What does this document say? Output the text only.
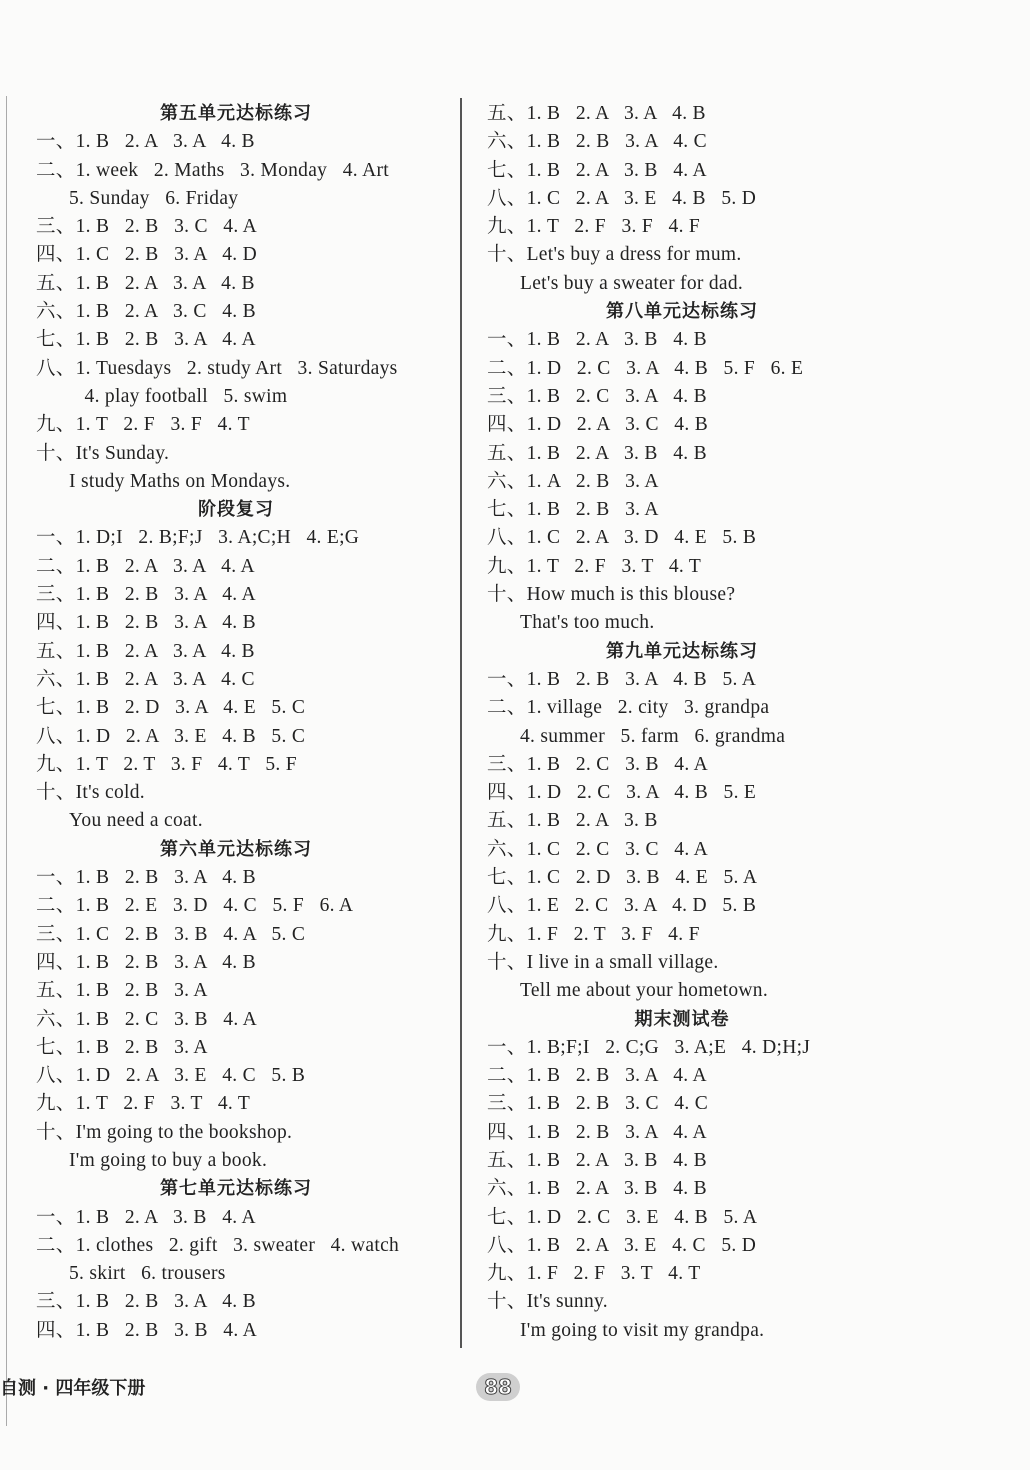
第五单元达标练习
一、1. B   2. A   3. A   4. B
二、1. week   2. Maths   3. Monday   4. Art
5. Sunday   6. Friday
三、1. B   2. B   3. C   4. A
四、1. C   2. B   3. A   4. D
五、1. B   2. A   3. A   4. B
六、1. B   2. A   3. C   4. B
七、1. B   2. B   3. A   4. A
八、1. Tuesdays   2. study Art   3. Saturdays
4. play football   5. swim
九、1. T   2. F   3. F   4. T
十、It's Sunday.
I study Maths on Mondays.
阶段复习
一、1. D;I   2. B;F;J   3. A;C;H   4. E;G
二、1. B   2. A   3. A   4. A
三、1. B   2. B   3. A   4. A
四、1. B   2. B   3. A   4. B
五、1. B   2. A   3. A   4. B
六、1. B   2. A   3. A   4. C
七、1. B   2. D   3. A   4. E   5. C
八、1. D   2. A   3. E   4. B   5. C
九、1. T   2. T   3. F   4. T   5. F
十、It's cold.
You need a coat.
第六单元达标练习
一、1. B   2. B   3. A   4. B
二、1. B   2. E   3. D   4. C   5. F   6. A
三、1. C   2. B   3. B   4. A   5. C
四、1. B   2. B   3. A   4. B
五、1. B   2. B   3. A
六、1. B   2. C   3. B   4. A
七、1. B   2. B   3. A
八、1. D   2. A   3. E   4. C   5. B
九、1. T   2. F   3. T   4. T
十、I'm going to the bookshop.
I'm going to buy a book.
第七单元达标练习
一、1. B   2. A   3. B   4. A
二、1. clothes   2. gift   3. sweater   4. watch
5. skirt   6. trousers
三、1. B   2. B   3. A   4. B
四、1. B   2. B   3. B   4. A
五、1. B   2. A   3. A   4. B
六、1. B   2. B   3. A   4. C
七、1. B   2. A   3. B   4. A
八、1. C   2. A   3. E   4. B   5. D
九、1. T   2. F   3. F   4. F
十、Let's buy a dress for mum.
Let's buy a sweater for dad.
第八单元达标练习
一、1. B   2. A   3. B   4. B
二、1. D   2. C   3. A   4. B   5. F   6. E
三、1. B   2. C   3. A   4. B
四、1. D   2. A   3. C   4. B
五、1. B   2. A   3. B   4. B
六、1. A   2. B   3. A
七、1. B   2. B   3. A
八、1. C   2. A   3. D   4. E   5. B
九、1. T   2. F   3. T   4. T
十、How much is this blouse?
That's too much.
第九单元达标练习
一、1. B   2. B   3. A   4. B   5. A
二、1. village   2. city   3. grandpa
4. summer   5. farm   6. grandma
三、1. B   2. C   3. B   4. A
四、1. D   2. C   3. A   4. B   5. E
五、1. B   2. A   3. B
六、1. C   2. C   3. C   4. A
七、1. C   2. D   3. B   4. E   5. A
八、1. E   2. C   3. A   4. D   5. B
九、1. F   2. T   3. F   4. F
十、I live in a small village.
Tell me about your hometown.
期末测试卷
一、1. B;F;I   2. C;G   3. A;E   4. D;H;J
二、1. B   2. B   3. A   4. A
三、1. B   2. B   3. C   4. C
四、1. B   2. B   3. A   4. A
五、1. B   2. A   3. B   4. B
六、1. B   2. A   3. B   4. B
七、1. D   2. C   3. E   4. B   5. A
八、1. B   2. A   3. E   4. C   5. D
九、1. F   2. F   3. T   4. T
十、It's sunny.
I'm going to visit my grandpa.
自测 · 四年级下册	88
